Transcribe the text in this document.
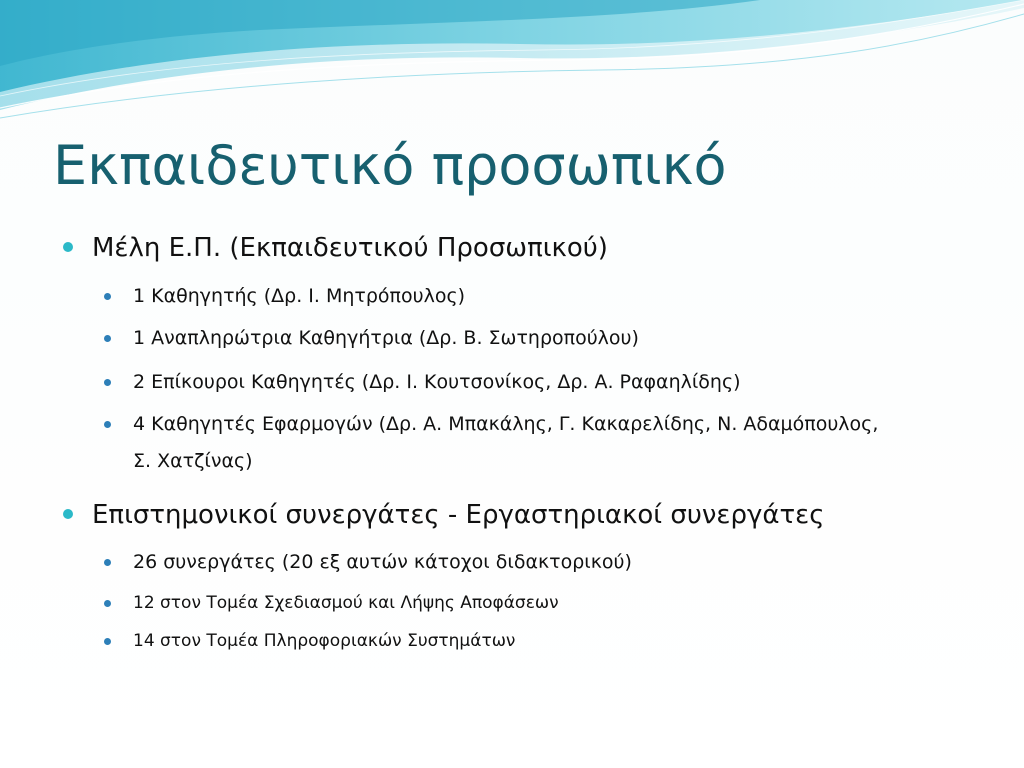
Εκπαιδευτικό προσωπικό
Μέλη Ε.Π. (Εκπαιδευτικού Προσωπικού)
1 Καθηγητής (Δρ. Ι. Μητρόπουλος)
1 Αναπληρώτρια Καθηγήτρια (Δρ. Β. Σωτηροπούλου)
2 Επίκουροι Καθηγητές (Δρ. Ι. Κουτσονίκος, Δρ. Α. Ραφαηλίδης)
4 Καθηγητές Εφαρμογών (Δρ. Α. Μπακάλης, Γ. Κακαρελίδης, Ν. Αδαμόπουλος,
Σ. Χατζίνας)
Επιστημονικοί συνεργάτες - Εργαστηριακοί συνεργάτες
26 συνεργάτες (20 εξ αυτών κάτοχοι διδακτορικού)
12 στον Τομέα Σχεδιασμού και Λήψης Αποφάσεων
14 στον Τομέα Πληροφοριακών Συστημάτων
